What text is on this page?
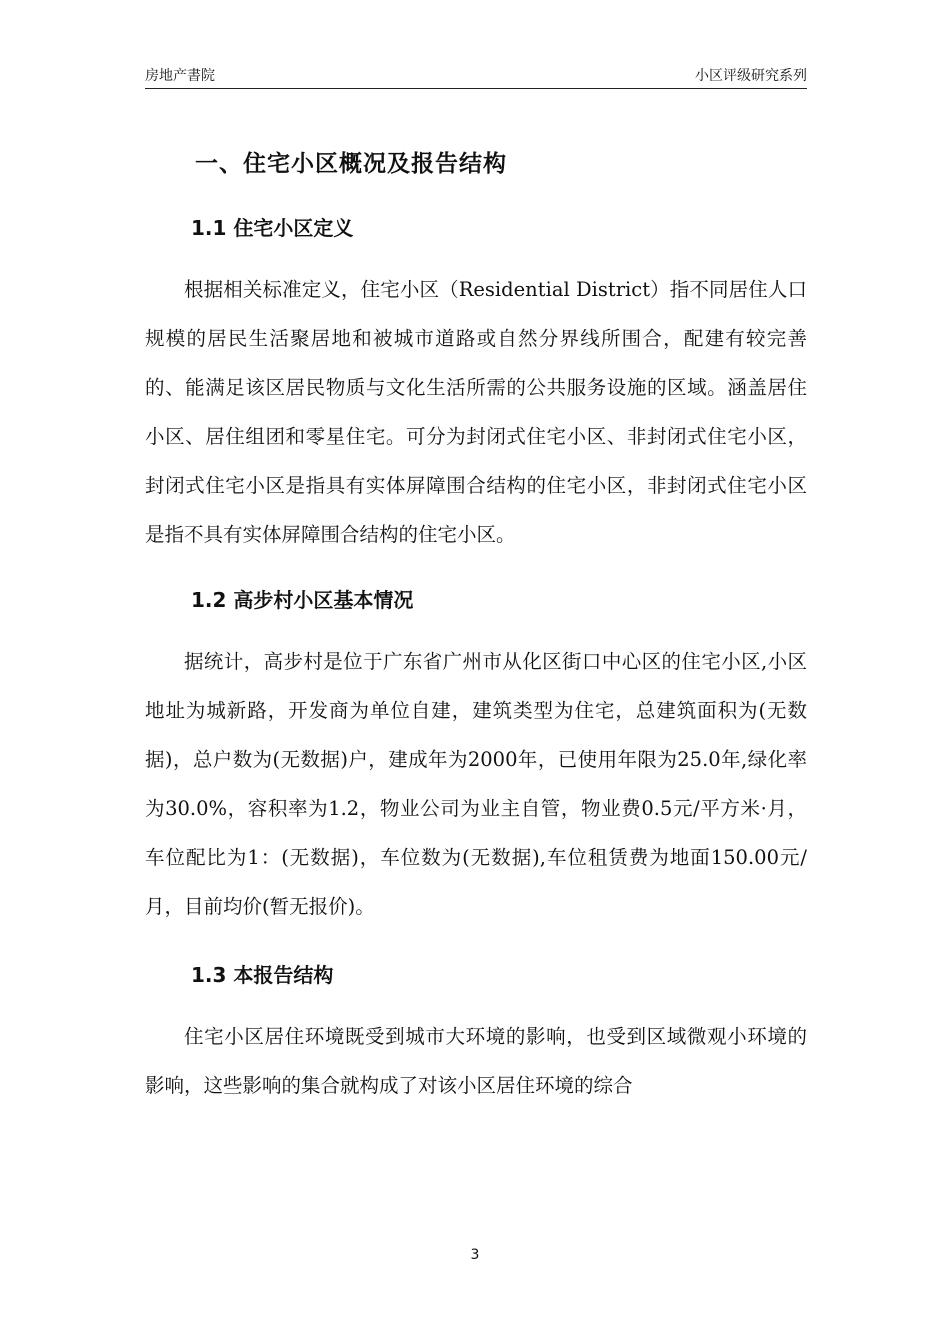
房地产書院	小区评级研究系列
一、住宅小区概况及报告结构
1.1 住宅小区定义

根据相关标准定义，住宅小区（Residential District）指不同居住人口规模的居民生活聚居地和被城市道路或自然分界线所围合，配建有较完善的、能满足该区居民物质与文化生活所需的公共服务设施的区域。涵盖居住小区、居住组团和零星住宅。可分为封闭式住宅小区、非封闭式住宅小区，封闭式住宅小区是指具有实体屏障围合结构的住宅小区，非封闭式住宅小区是指不具有实体屏障围合结构的住宅小区。

1.2 高步村小区基本情况

据统计，高步村是位于广东省广州市从化区街口中心区的住宅小区,小区地址为城新路，开发商为单位自建，建筑类型为住宅，总建筑面积为(无数据)，总户数为(无数据)户，建成年为2000年，已使用年限为25.0年,绿化率为30.0%，容积率为1.2，物业公司为业主自管，物业费0.5元/平方米·月，车位配比为1：(无数据)，车位数为(无数据),车位租赁费为地面150.00元/月，目前均价(暂无报价)。

1.3 本报告结构

住宅小区居住环境既受到城市大环境的影响，也受到区域微观小环境的影响，这些影响的集合就构成了对该小区居住环境的综合

3
